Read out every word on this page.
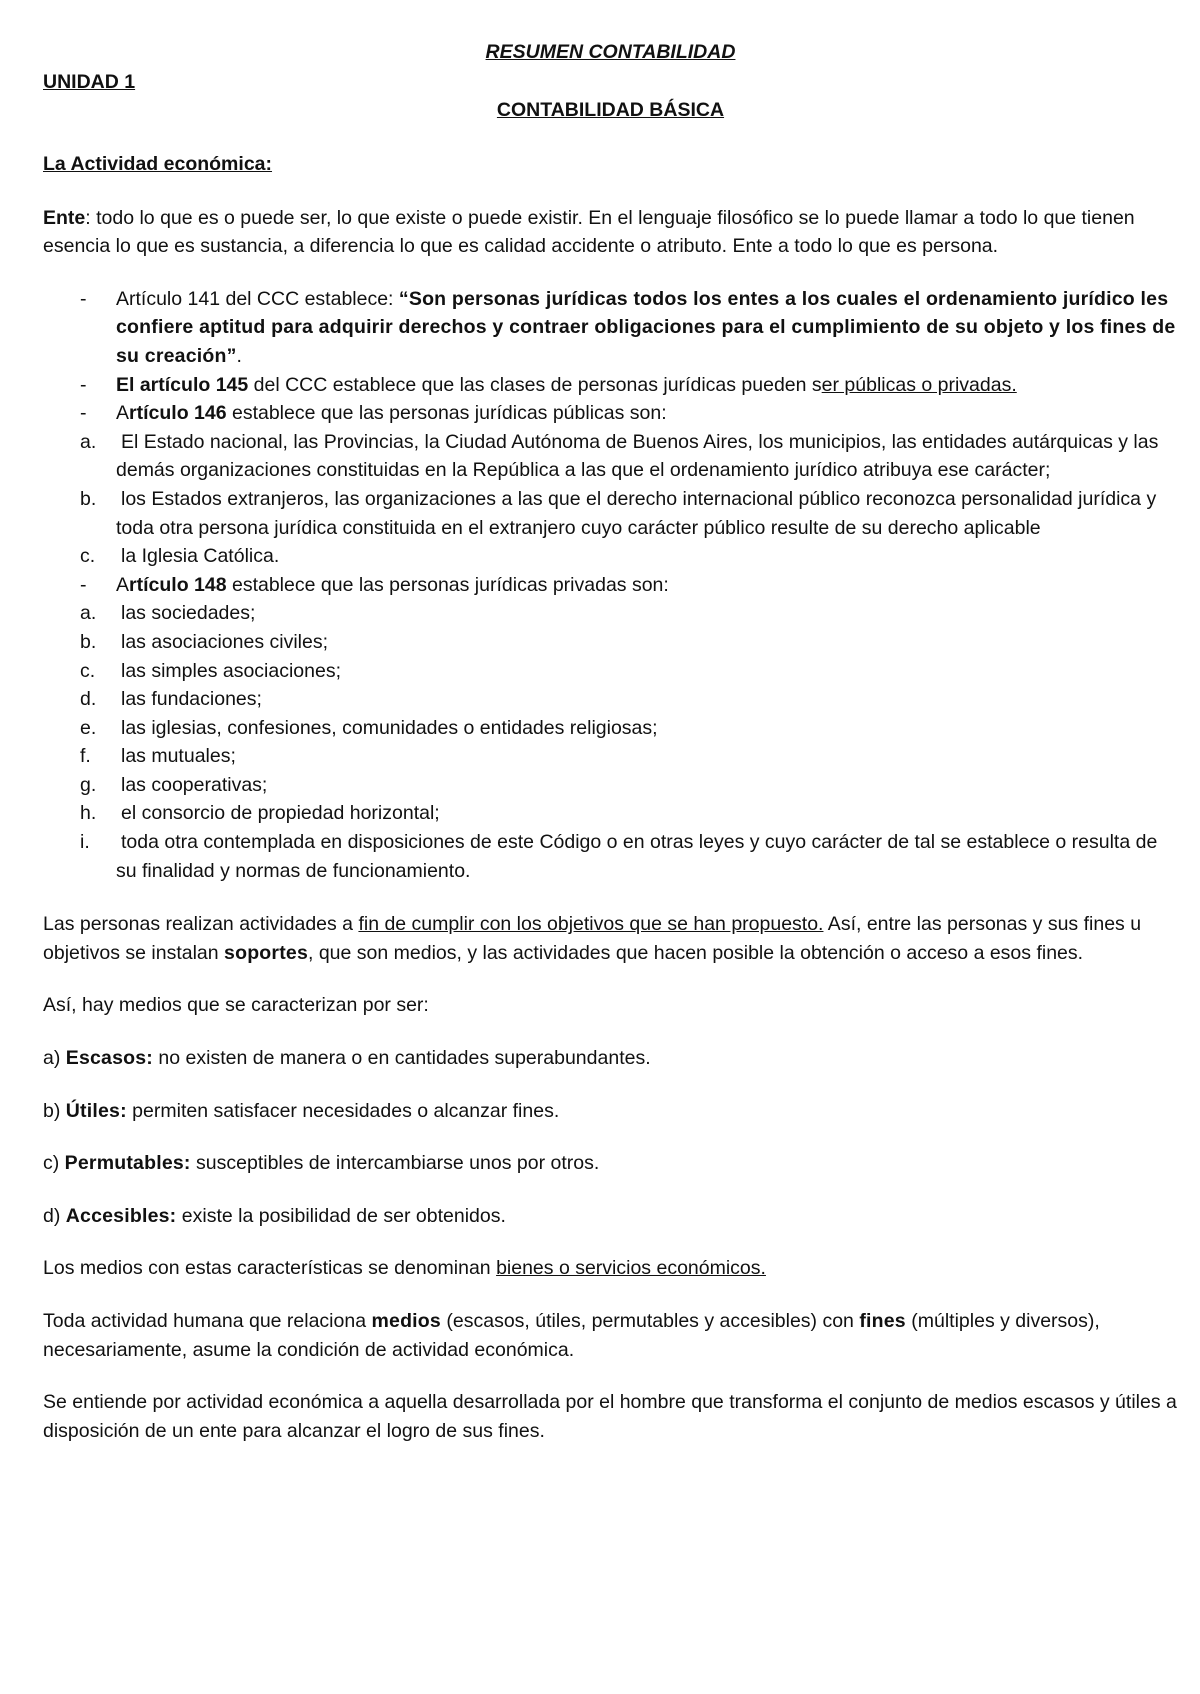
RESUMEN CONTABILIDAD
UNIDAD 1
CONTABILIDAD BÁSICA
La Actividad económica:

Ente: todo lo que es o puede ser, lo que existe o puede existir. En el lenguaje filosófico se lo puede llamar a todo lo que tienen esencia lo que es sustancia, a diferencia lo que es calidad accidente o atributo. Ente a todo lo que es persona.

- Artículo 141 del CCC establece: “Son personas jurídicas todos los entes a los cuales el ordenamiento jurídico les confiere aptitud para adquirir derechos y contraer obligaciones para el cumplimiento de su objeto y los fines de su creación”.
- El artículo 145 del CCC establece que las clases de personas jurídicas pueden ser públicas o privadas.
- Artículo 146 establece que las personas jurídicas públicas son:
a. El Estado nacional, las Provincias, la Ciudad Autónoma de Buenos Aires, los municipios, las entidades autárquicas y las demás organizaciones constituidas en la República a las que el ordenamiento jurídico atribuya ese carácter;
b. los Estados extranjeros, las organizaciones a las que el derecho internacional público reconozca personalidad jurídica y toda otra persona jurídica constituida en el extranjero cuyo carácter público resulte de su derecho aplicable
c. la Iglesia Católica.
- Artículo 148 establece que las personas jurídicas privadas son:
a. las sociedades;
b. las asociaciones civiles;
c. las simples asociaciones;
d. las fundaciones;
e. las iglesias, confesiones, comunidades o entidades religiosas;
f. las mutuales;
g. las cooperativas;
h. el consorcio de propiedad horizontal;
i. toda otra contemplada en disposiciones de este Código o en otras leyes y cuyo carácter de tal se establece o resulta de su finalidad y normas de funcionamiento.

Las personas realizan actividades a fin de cumplir con los objetivos que se han propuesto. Así, entre las personas y sus fines u objetivos se instalan soportes, que son medios, y las actividades que hacen posible la obtención o acceso a esos fines.

Así, hay medios que se caracterizan por ser:

a) Escasos: no existen de manera o en cantidades superabundantes.

b) Útiles: permiten satisfacer necesidades o alcanzar fines.

c) Permutables: susceptibles de intercambiarse unos por otros.

d) Accesibles: existe la posibilidad de ser obtenidos.

Los medios con estas características se denominan bienes o servicios económicos.

Toda actividad humana que relaciona medios (escasos, útiles, permutables y accesibles) con fines (múltiples y diversos), necesariamente, asume la condición de actividad económica.

Se entiende por actividad económica a aquella desarrollada por el hombre que transforma el conjunto de medios escasos y útiles a disposición de un ente para alcanzar el logro de sus fines.
